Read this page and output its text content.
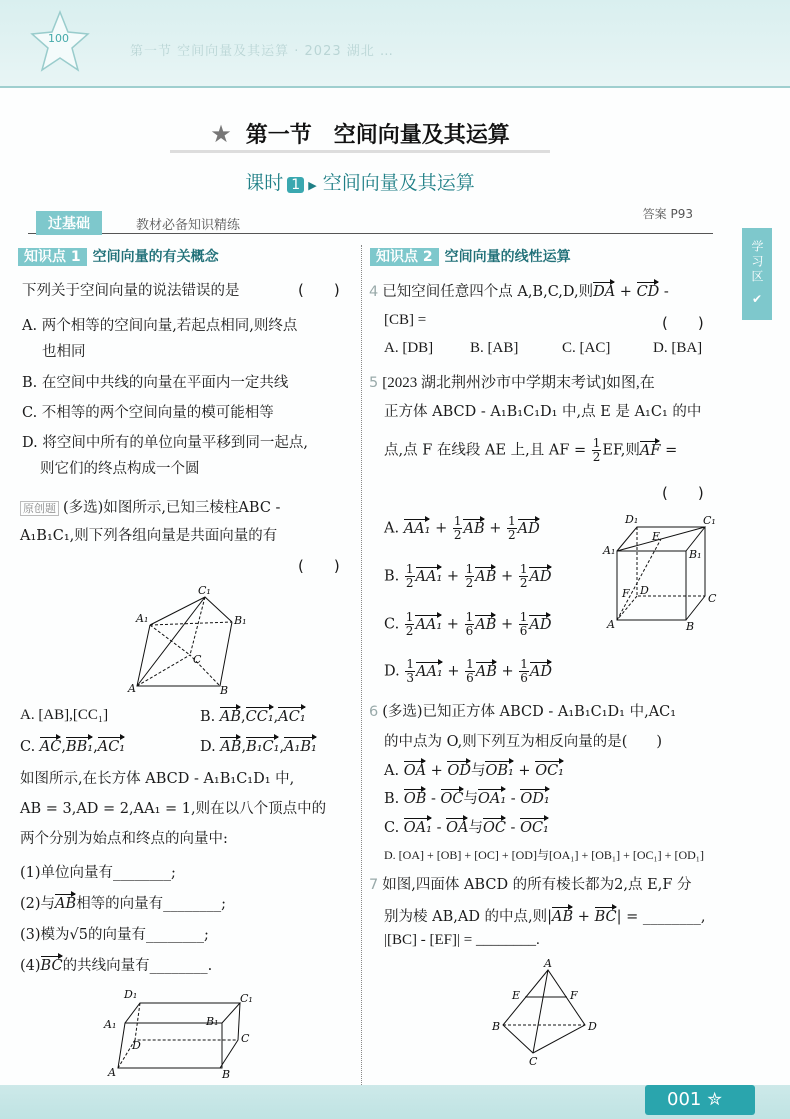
100
第一节 空间向量及其运算 · 2023 湖北 …
★ 第一节　空间向量及其运算
课时 1 ▶ 空间向量及其运算
过基础	教材必备知识精练
答案 P93
学习区 ✔
知识点 1 空间向量的有关概念	知识点 2 空间向量的线性运算
下列关于空间向量的说法错误的是	(　　)
A. 两个相等的空间向量,若起点相同,则终点
也相同
B. 在空间中共线的向量在平面内一定共线
C. 不相等的两个空间向量的模可能相等
D. 将空间中所有的单位向量平移到同一起点,
则它们的终点构成一个圆
原创题 (多选)如图所示,已知三棱柱ABC -
A₁B₁C₁,则下列各组向量是共面向量的有
(　　)
A. [AB],[CC₁]	B. AB,CC₁,AC₁
C. AC,BB₁,AC₁	D. AB,B₁C₁,A₁B₁
如图所示,在长方体 ABCD - A₁B₁C₁D₁ 中,
AB = 3,AD = 2,AA₁ = 1,则在以八个顶点中的
两个分别为始点和终点的向量中:
(1)单位向量有________;
(2)与AB相等的向量有________;
(3)模为√5的向量有________;
(4)BC的共线向量有________.
4 已知空间任意四个点 A,B,C,D,则DA + CD -
[CB] =	(　　)
A. [DB] B. [AB]	C. [AC]	D. [BA]
5 [2023 湖北荆州沙市中学期末考试]如图,在
正方体 ABCD - A₁B₁C₁D₁ 中,点 E 是 A₁C₁ 的中
点,点 F 在线段 AE 上,且 AF = $\frac{1}{2}$ EF,则AF =
(　　)
A. $AA_1 + \frac{1}{2}$ AB + $\frac{1}{2}$ AD
B. $\frac{1}{2} AA_1 + \frac{1}{2}$ AB + $\frac{1}{2}$ AD
C. $\frac{1}{2} AA_1 + \frac{1}{6}$ AB + $\frac{1}{6}$ AD
D. $\frac{1}{3} AA_1 + \frac{1}{6}$ AB + $\frac{1}{6}$ AD
6 (多选)已知正方体 ABCD - A₁B₁C₁D₁ 中,AC₁
的中点为 O,则下列互为相反向量的是(　　)
A. OA + OD与OB₁ + OC₁
B. OB - OC与OA₁ - OD₁
C. OA₁ - OA与OC - OC₁
D. [OA] + [OB] + [OC] + [OD]与[OA₁] + [OB₁] + [OC₁] + [OD₁]
7 如图,四面体 ABCD 的所有棱长都为2,点 E,F 分
别为棱 AB,AD 的中点,则|AB + BC| = ________,
|[BC] - [EF]| = ________.
A₁
C₁
B₁
C
A	B
D₁	C₁
A₁	B₁
D
C
A	B
D₁	C₁
E
A₁	B₁
F D
C
A	B
A
E	F
B	D
C
001 ✮
